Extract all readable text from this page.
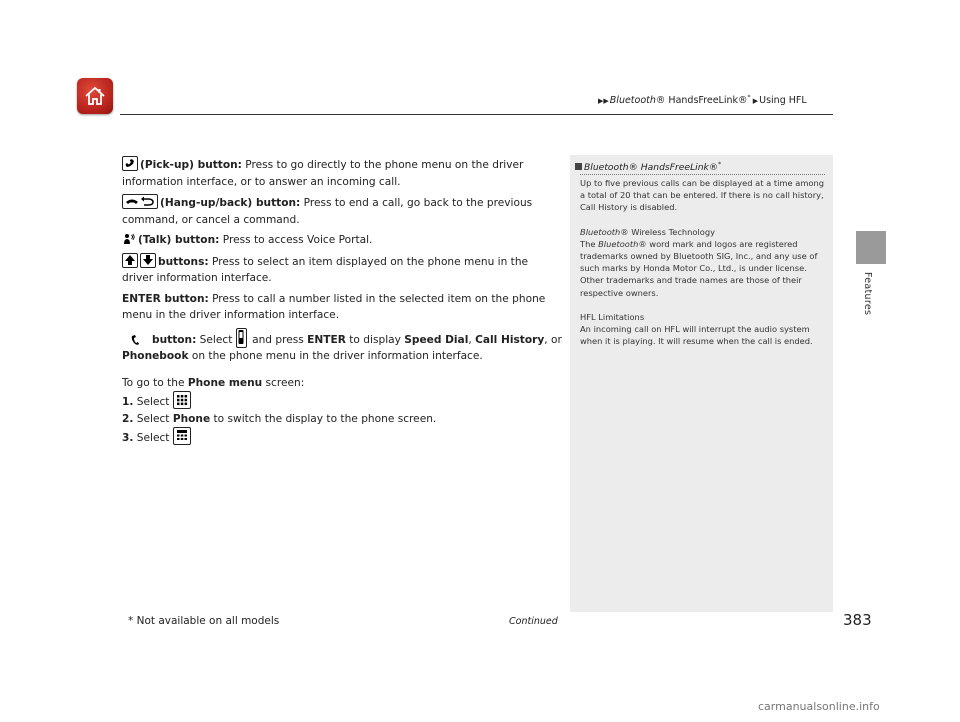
▶▶Bluetooth® HandsFreeLink®* ▶Using HFL
Features

(Pick-up) button: Press to go directly to the phone menu on the driver information interface, or to answer an incoming call.

(Hang-up/back) button: Press to end a call, go back to the previous command, or cancel a command.

(Talk) button: Press to access Voice Portal.

buttons: Press to select an item displayed on the phone menu in the driver information interface.

ENTER button: Press to call a number listed in the selected item on the phone menu in the driver information interface.

button: Select
and press ENTER to display Speed Dial, Call History, or
Phonebook on the phone menu in the driver information interface.

To go to the Phone menu screen:

1. Select

2. Select Phone to switch the display to the phone screen.

3. Select

Bluetooth® HandsFreeLink®*

Up to five previous calls can be displayed at a time among a total of 20 that can be entered. If there is no call history, Call History is disabled.

Bluetooth® Wireless Technology

The Bluetooth® word mark and logos are registered trademarks owned by Bluetooth SIG, Inc., and any use of such marks by Honda Motor Co., Ltd., is under license. Other trademarks and trade names are those of their respective owners.

HFL Limitations

An incoming call on HFL will interrupt the audio system when it is playing. It will resume when the call is ended.

* Not available on all models	Continued	383
carmanualsonline.info
